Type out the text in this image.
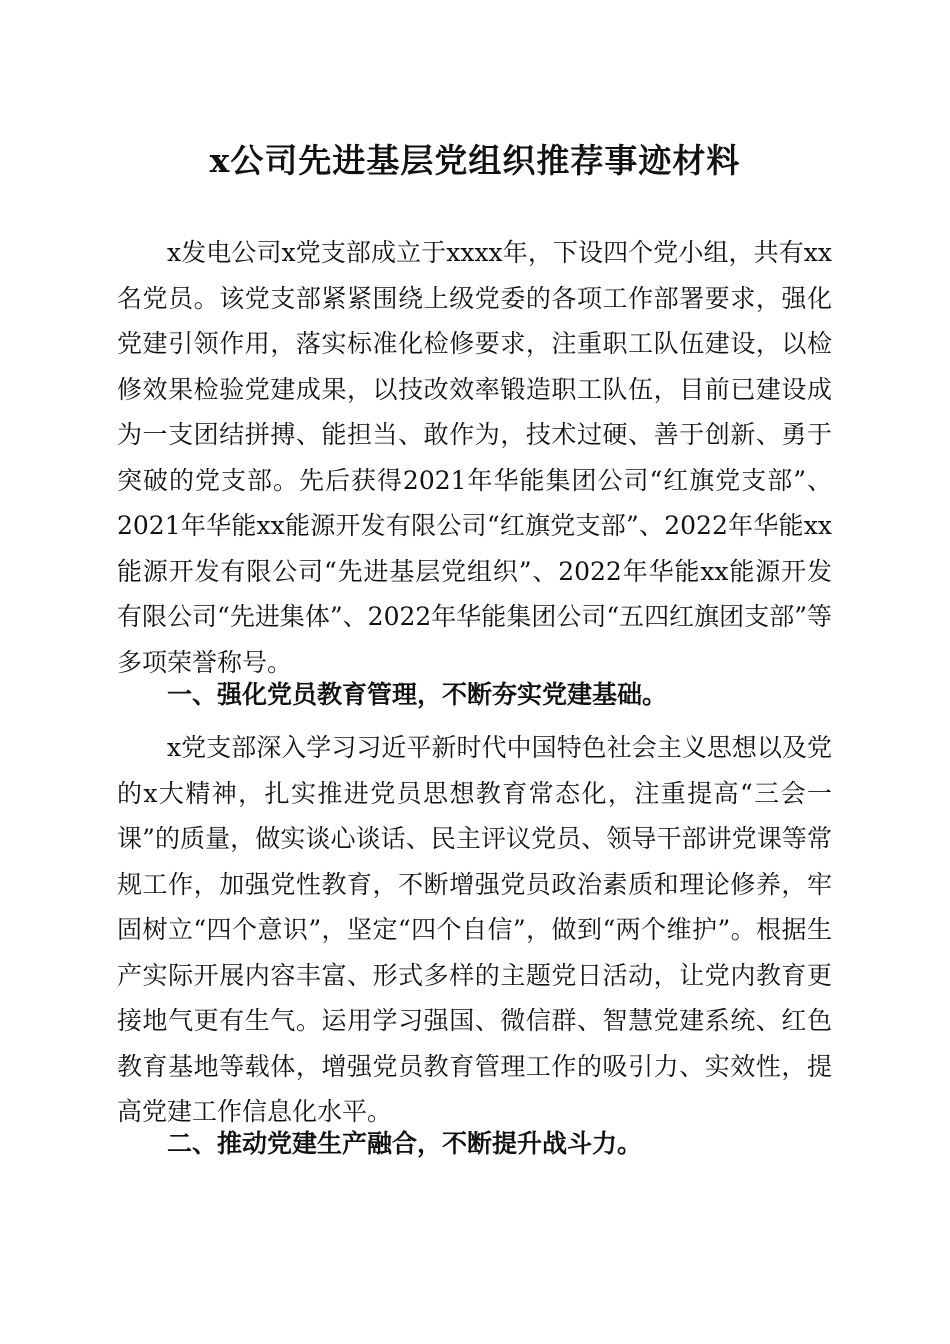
x公司先进基层党组织推荐事迹材料

x发电公司x党支部成立于xxxx年，下设四个党小组，共有xx名党员。该党支部紧紧围绕上级党委的各项工作部署要求，强化党建引领作用，落实标准化检修要求，注重职工队伍建设，以检修效果检验党建成果，以技改效率锻造职工队伍，目前已建设成为一支团结拼搏、能担当、敢作为，技术过硬、善于创新、勇于突破的党支部。先后获得2021年华能集团公司“红旗党支部”、2021年华能xx能源开发有限公司“红旗党支部”、2022年华能xx能源开发有限公司“先进基层党组织”、2022年华能xx能源开发有限公司“先进集体”、2022年华能集团公司“五四红旗团支部”等多项荣誉称号。

一、强化党员教育管理，不断夯实党建基础。

x党支部深入学习习近平新时代中国特色社会主义思想以及党的x大精神，扎实推进党员思想教育常态化，注重提高“三会一课”的质量，做实谈心谈话、民主评议党员、领导干部讲党课等常规工作，加强党性教育，不断增强党员政治素质和理论修养，牢固树立“四个意识”，坚定“四个自信”，做到“两个维护”。根据生产实际开展内容丰富、形式多样的主题党日活动，让党内教育更接地气更有生气。运用学习强国、微信群、智慧党建系统、红色教育基地等载体，增强党员教育管理工作的吸引力、实效性，提高党建工作信息化水平。

二、推动党建生产融合，不断提升战斗力。
